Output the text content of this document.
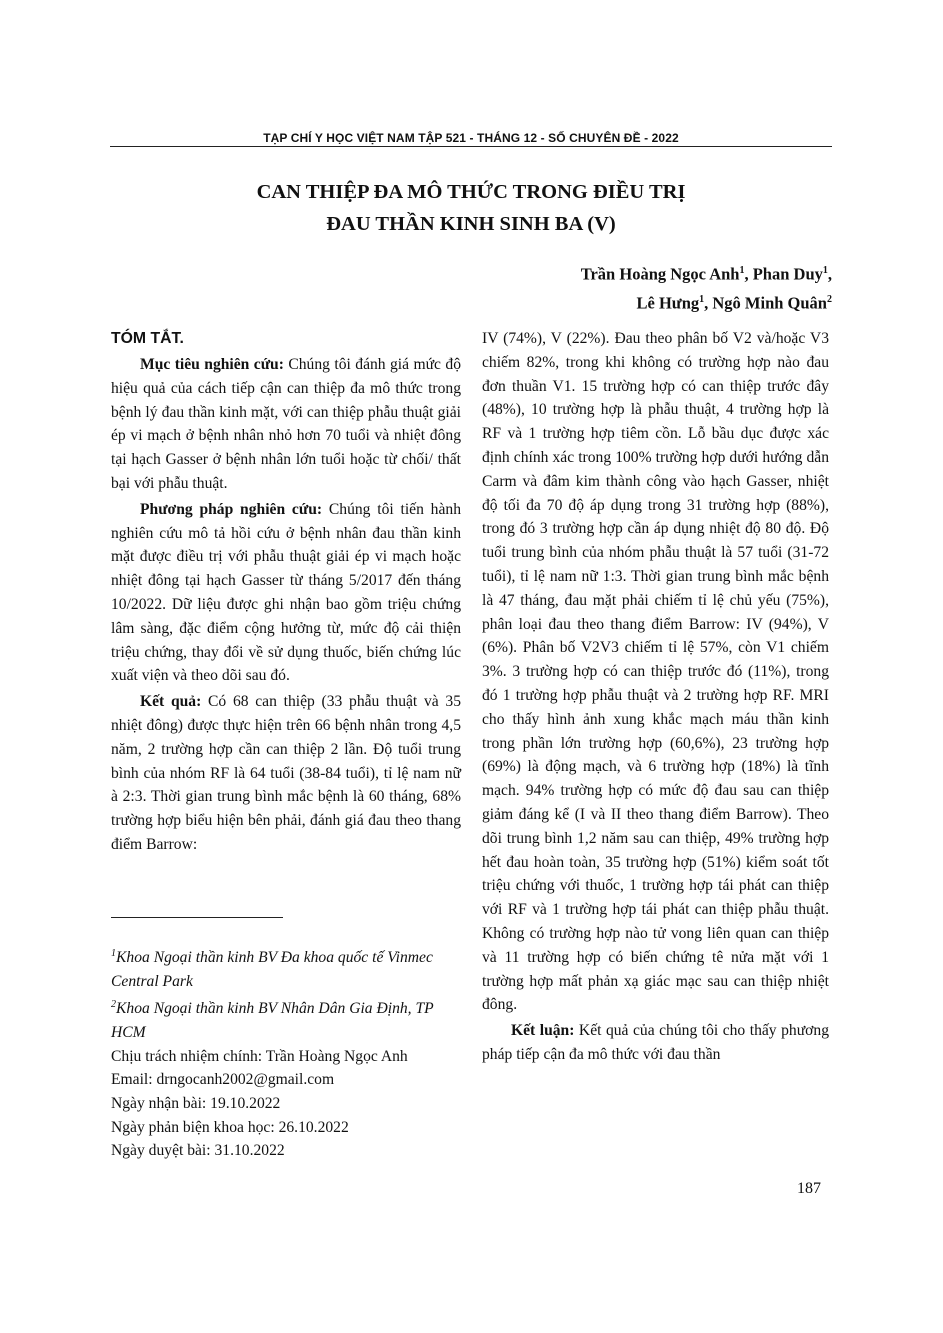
TẠP CHÍ Y HỌC VIỆT NAM TẬP 521 - THÁNG 12 - SỐ CHUYÊN ĐỀ - 2022
CAN THIỆP ĐA MÔ THỨC TRONG ĐIỀU TRỊ
ĐAU THẦN KINH SINH BA (V)
Trần Hoàng Ngọc Anh$^1$, Phan Duy$^1$,
Lê Hưng$^1$, Ngô Minh Quân$^2$
TÓM TẮT.

Mục tiêu nghiên cứu: Chúng tôi đánh giá mức độ hiệu quả của cách tiếp cận can thiệp đa mô thức trong bệnh lý đau thần kinh mặt, với can thiệp phẫu thuật giải ép vi mạch ở bệnh nhân nhỏ hơn 70 tuổi và nhiệt đông tại hạch Gasser ở bệnh nhân lớn tuổi hoặc từ chối/ thất bại với phẫu thuật.

Phương pháp nghiên cứu: Chúng tôi tiến hành nghiên cứu mô tả hồi cứu ở bệnh nhân đau thần kinh mặt được điều trị với phẫu thuật giải ép vi mạch hoặc nhiệt đông tại hạch Gasser từ tháng 5/2017 đến tháng 10/2022. Dữ liệu được ghi nhận bao gồm triệu chứng lâm sàng, đặc điểm cộng hưởng từ, mức độ cải thiện triệu chứng, thay đổi về sử dụng thuốc, biến chứng lúc xuất viện và theo dõi sau đó.

Kết quả: Có 68 can thiệp (33 phẫu thuật và 35 nhiệt đông) được thực hiện trên 66 bệnh nhân trong 4,5 năm, 2 trường hợp cần can thiệp 2 lần. Độ tuổi trung bình của nhóm RF là 64 tuổi (38-84 tuổi), tỉ lệ nam nữ à 2:3. Thời gian trung bình mắc bệnh là 60 tháng, 68% trường hợp biểu hiện bên phải, đánh giá đau theo thang điểm Barrow:

IV (74%), V (22%). Đau theo phân bố V2 và/hoặc V3 chiếm 82%, trong khi không có trường hợp nào đau đơn thuần V1. 15 trường hợp có can thiệp trước đây (48%), 10 trường hợp là phẫu thuật, 4 trường hợp là RF và 1 trường hợp tiêm cồn. Lỗ bầu dục được xác định chính xác trong 100% trường hợp dưới hướng dẫn Carm và đâm kim thành công vào hạch Gasser, nhiệt độ tối đa 70 độ áp dụng trong 31 trường hợp (88%), trong đó 3 trường hợp cần áp dụng nhiệt độ 80 độ. Độ tuổi trung bình của nhóm phẫu thuật là 57 tuổi (31-72 tuổi), tỉ lệ nam nữ 1:3. Thời gian trung bình mắc bệnh là 47 tháng, đau mặt phải chiếm tỉ lệ chủ yếu (75%), phân loại đau theo thang điểm Barrow: IV (94%), V (6%). Phân bố V2V3 chiếm tỉ lệ 57%, còn V1 chiếm 3%. 3 trường hợp có can thiệp trước đó (11%), trong đó 1 trường hợp phẫu thuật và 2 trường hợp RF. MRI cho thấy hình ảnh xung khắc mạch máu thần kinh trong phần lớn trường hợp (60,6%), 23 trường hợp (69%) là động mạch, và 6 trường hợp (18%) là tĩnh mạch. 94% trường hợp có mức độ đau sau can thiệp giảm đáng kể (I và II theo thang điểm Barrow). Theo dõi trung bình 1,2 năm sau can thiệp, 49% trường hợp hết đau hoàn toàn, 35 trường hợp (51%) kiểm soát tốt triệu chứng với thuốc, 1 trường hợp tái phát can thiệp với RF và 1 trường hợp tái phát can thiệp phẫu thuật. Không có trường hợp nào tử vong liên quan can thiệp và 11 trường hợp có biến chứng tê nửa mặt với 1 trường hợp mất phản xạ giác mạc sau can thiệp nhiệt đông.

Kết luận: Kết quả của chúng tôi cho thấy phương pháp tiếp cận đa mô thức với đau thần

$^1$Khoa Ngoại thần kinh BV Đa khoa quốc tế Vinmec Central Park
$^2$Khoa Ngoại thần kinh BV Nhân Dân Gia Định, TP HCM
Chịu trách nhiệm chính: Trần Hoàng Ngọc Anh
Email: drngocanh2002@gmail.com
Ngày nhận bài: 19.10.2022
Ngày phản biện khoa học: 26.10.2022
Ngày duyệt bài: 31.10.2022
187
